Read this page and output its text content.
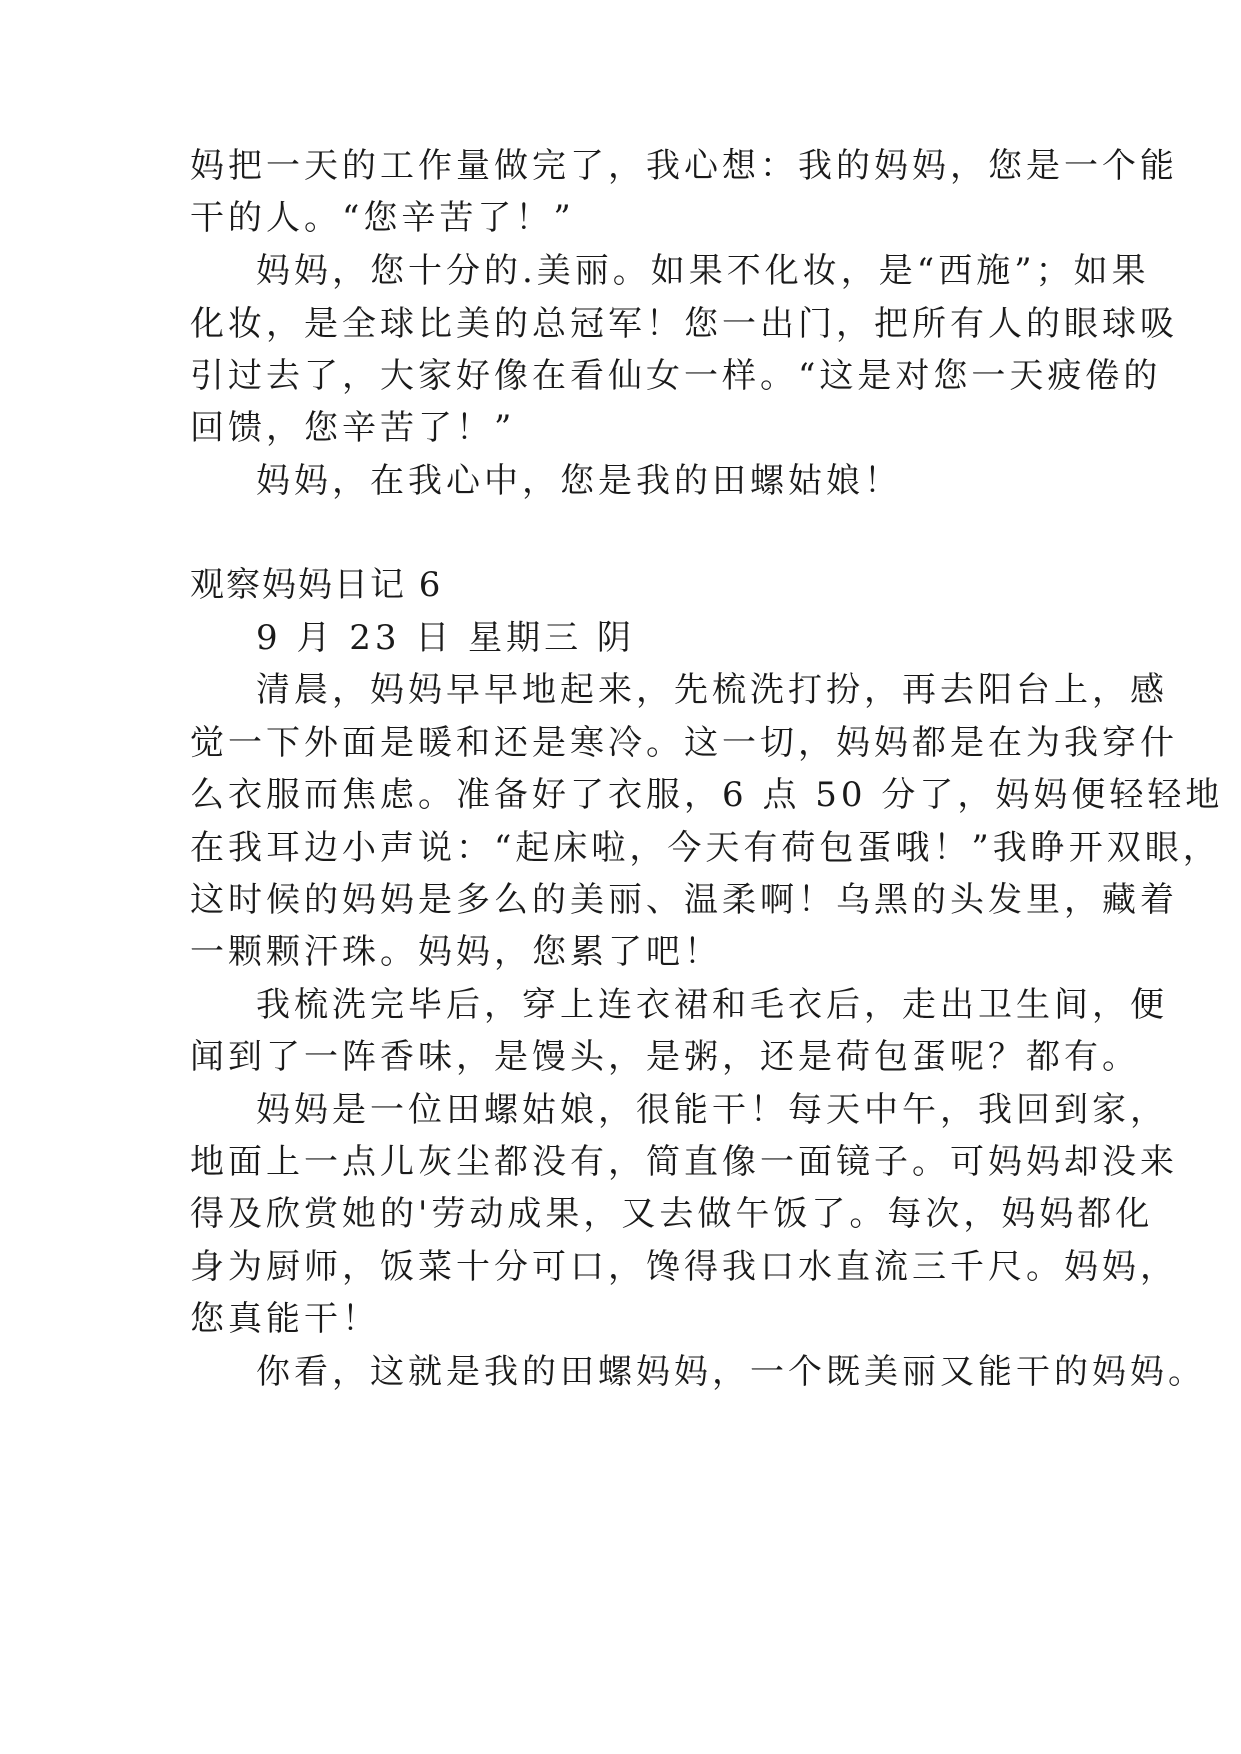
妈把一天的工作量做完了，我心想：我的妈妈，您是一个能
干的人。“您辛苦了！”
妈妈，您十分的.美丽。如果不化妆，是“西施”；如果
化妆，是全球比美的总冠军！您一出门，把所有人的眼球吸
引过去了，大家好像在看仙女一样。“这是对您一天疲倦的
回馈，您辛苦了！”
妈妈，在我心中，您是我的田螺姑娘！
观察妈妈日记 6
9 月 23 日 星期三 阴
清晨，妈妈早早地起来，先梳洗打扮，再去阳台上，感
觉一下外面是暖和还是寒冷。这一切，妈妈都是在为我穿什
么衣服而焦虑。准备好了衣服，6 点 50 分了，妈妈便轻轻地
在我耳边小声说：“起床啦，今天有荷包蛋哦！”我睁开双眼，
这时候的妈妈是多么的美丽、温柔啊！乌黑的头发里，藏着
一颗颗汗珠。妈妈，您累了吧！
我梳洗完毕后，穿上连衣裙和毛衣后，走出卫生间，便
闻到了一阵香味，是馒头，是粥，还是荷包蛋呢？都有。
妈妈是一位田螺姑娘，很能干！每天中午，我回到家，
地面上一点儿灰尘都没有，简直像一面镜子。可妈妈却没来
得及欣赏她的'劳动成果，又去做午饭了。每次，妈妈都化
身为厨师，饭菜十分可口，馋得我口水直流三千尺。妈妈，
您真能干！
你看，这就是我的田螺妈妈，一个既美丽又能干的妈妈。
